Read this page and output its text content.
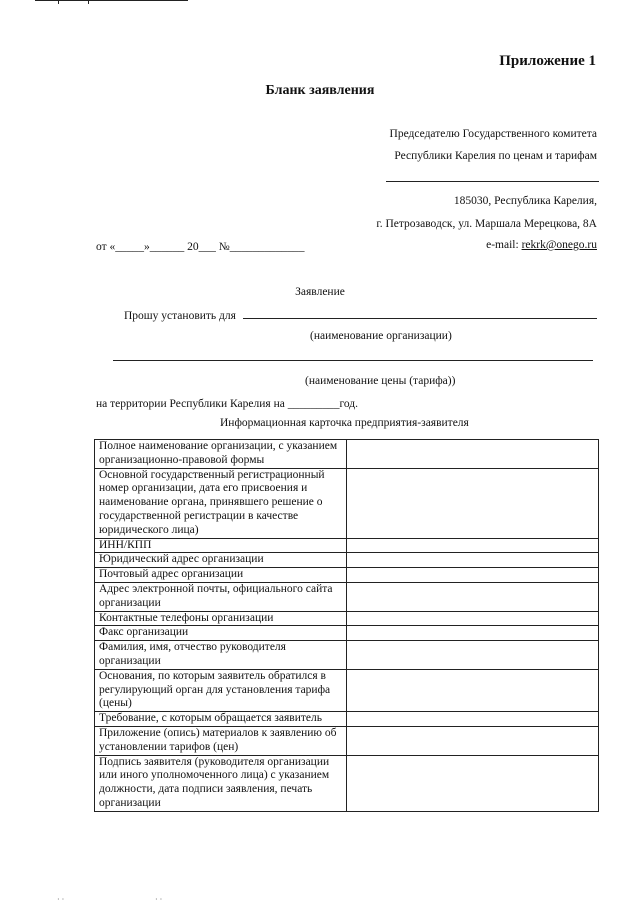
Приложение 1
Бланк заявления
Председателю Государственного комитета
Республики Карелия по ценам и тарифам
185030, Республика Карелия,
г. Петрозаводск, ул. Маршала Мерецкова, 8А
e-mail: rekrk@onego.ru
от «_____»______ 20___ №_____________
Заявление
Прошу установить для
(наименование организации)
(наименование цены (тарифа))
на территории Республики Карелия на _________год.
Информационная карточка предприятия-заявителя
Полное наименование организации, с указанием организационно-правовой формы	
Основной государственный регистрационный номер организации, дата его присвоения и наименование органа, принявшего решение о государственной регистрации в качестве юридического лица)	
ИНН/КПП	
Юридический адрес организации	
Почтовый адрес организации	
Адрес электронной почты, официального сайта организации	
Контактные телефоны организации	
Факс организации	
Фамилия, имя, отчество руководителя организации	
Основания, по которым заявитель обратился в регулирующий орган для установления тарифа (цены)	
Требование, с которым обращается заявитель	
Приложение (опись) материалов к заявлению об установлении тарифов (цен)	
Подпись заявителя (руководителя организации или иного уполномоченного лица) с указанием должности, дата подписи заявления, печать организации	
· ·	· ·
